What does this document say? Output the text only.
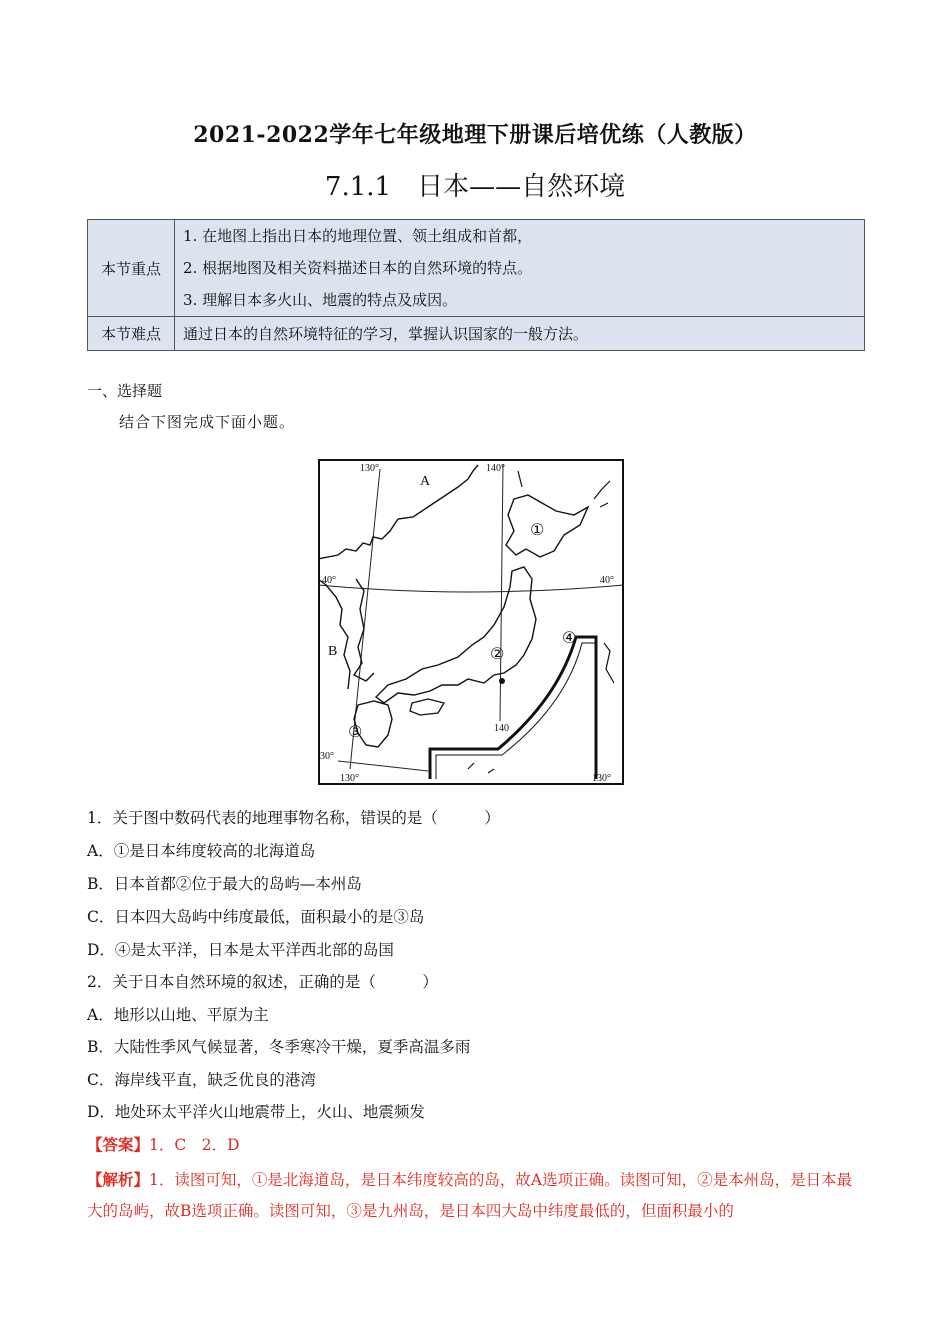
2021-2022学年七年级地理下册课后培优练（人教版）
7.1.1　日本——自然环境
本节重点	1. 在地图上指出日本的地理位置、领土组成和首都，
2. 根据地图及相关资料描述日本的自然环境的特点。
3. 理解日本多火山、地震的特点及成因。

本节难点	通过日本的自然环境特征的学习，掌握认识国家的一般方法。
一、选择题
结合下图完成下面小题。
A
B
①
②
③
④
130°	140°
40°	40°
140
30°
130°	130°
1．关于图中数码代表的地理事物名称，错误的是（　　　）
A．①是日本纬度较高的北海道岛
B．日本首都②位于最大的岛屿—本州岛
C．日本四大岛屿中纬度最低，面积最小的是③岛
D．④是太平洋，日本是太平洋西北部的岛国
2．关于日本自然环境的叙述，正确的是（　　　）
A．地形以山地、平原为主
B．大陆性季风气候显著，冬季寒冷干燥，夏季高温多雨
C．海岸线平直，缺乏优良的港湾
D．地处环太平洋火山地震带上，火山、地震频发
【答案】1．C　2．D
【解析】1．读图可知，①是北海道岛，是日本纬度较高的岛，故A选项正确。读图可知，②是本州岛，是日本最大的岛屿，故B选项正确。读图可知，③是九州岛，是日本四大岛中纬度最低的，但面积最小的
